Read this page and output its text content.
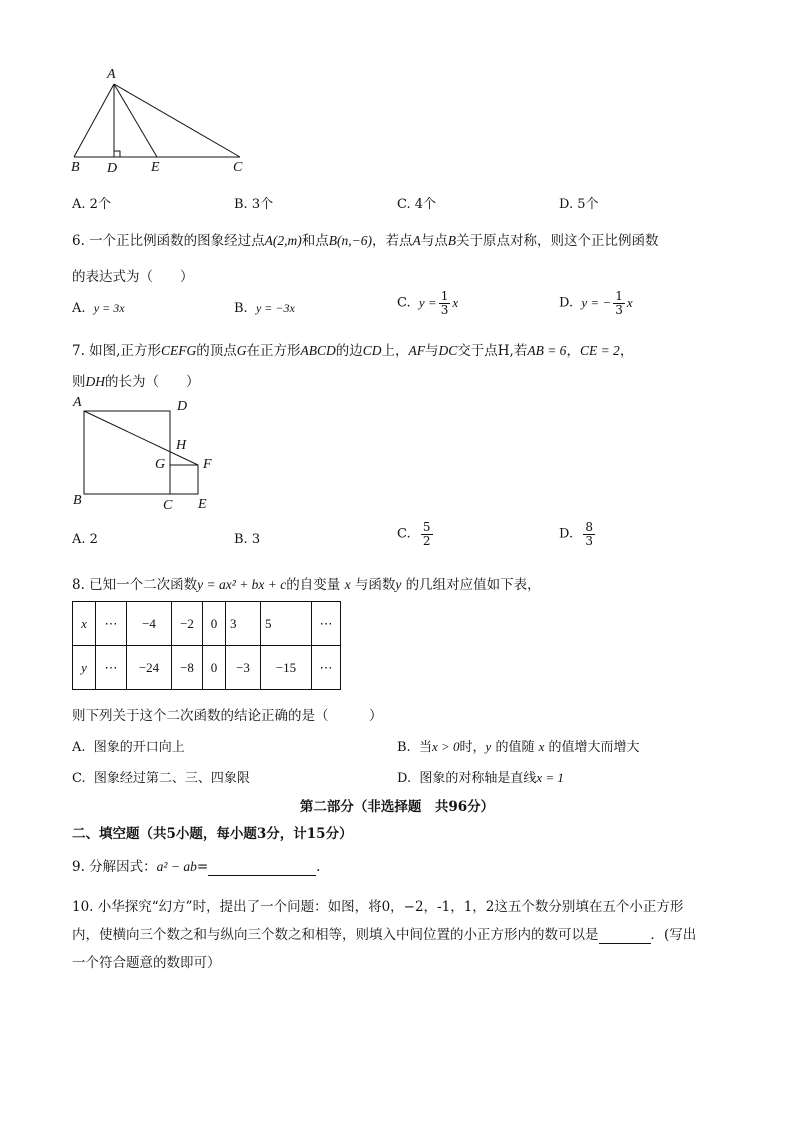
A
B D E	C
A. 2个	B. 3个	C. 4个	D. 5个
6. 一个正比例函数的图象经过点A(2,m)和点B(n,−6)，若点A与点B关于原点对称，则这个正比例函数
的表达式为（　　）
A. y = 3x	B. y = −3x	C. $y = \frac{1}{3}$ x	D. y = − $\frac{1}{3}$ x
7. 如图,正方形CEFG的顶点G在正方形ABCD的边CD上，AF与DC交于点H,若AB = 6，CE = 2，
则DH的长为（　　）
A	D
H
G	F
B	C E
A. 2	B. 3	C. $\frac{5}{2}$	D. $\frac{8}{3}$
8. 已知一个二次函数y = ax² + bx + c的自变量 x 与函数y 的几组对应值如下表，
x	⋯	−4	−2	0	3	5	⋯
y	⋯	−24	−8	0	−3	−15	⋯
则下列关于这个二次函数的结论正确的是（　　　）
A. 图象的开口向上	B. 当x > 0时，y 的值随 x 的值增大而增大
C. 图象经过第二、三、四象限	D. 图象的对称轴是直线x = 1
第二部分（非选择题　共96分）
二、填空题（共5小题，每小题3分，计15分）
9. 分解因式：a² − ab=	.
10. 小华探究“幻方”时，提出了一个问题：如图，将0，−2，-1，1，2这五个数分别填在五个小正方形
内，使横向三个数之和与纵向三个数之和相等，则填入中间位置的小正方形内的数可以是	．(写出
一个符合题意的数即可）
